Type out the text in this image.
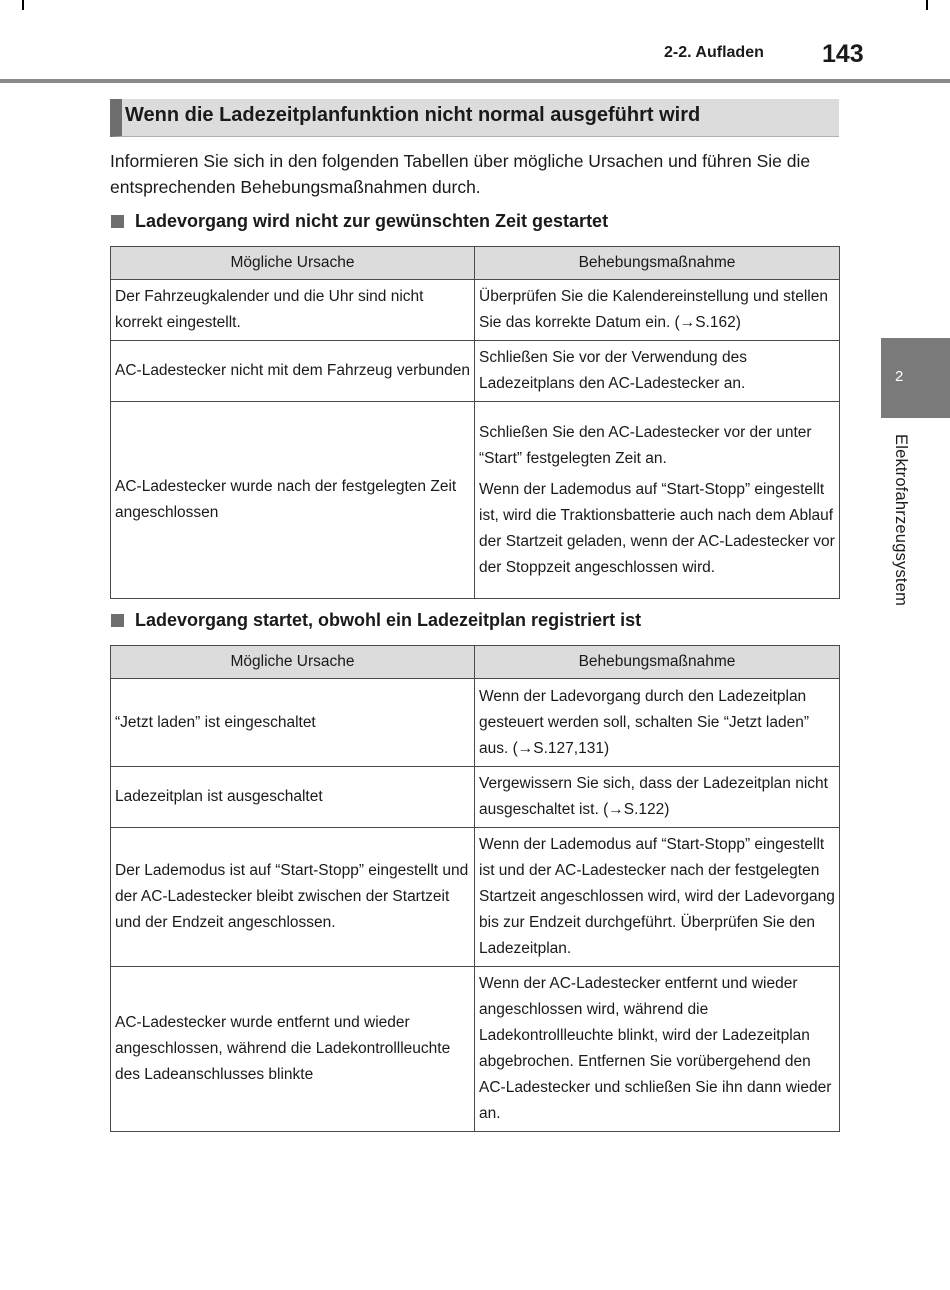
2-2. Aufladen 143
2
Elektrofahrzeugsystem
Wenn die Ladezeitplanfunktion nicht normal ausgeführt wird

Informieren Sie sich in den folgenden Tabellen über mögliche Ursachen und führen Sie die entsprechenden Behebungsmaßnahmen durch.

Ladevorgang wird nicht zur gewünschten Zeit gestartet
Mögliche Ursache	Behebungsmaßnahme
Der Fahrzeugkalender und die Uhr sind nicht korrekt eingestellt.	Überprüfen Sie die Kalendereinstellung und stellen Sie das korrekte Datum ein. (→S.162)
AC-Ladestecker nicht mit dem Fahrzeug verbunden	Schließen Sie vor der Verwendung des Ladezeitplans den AC-Ladestecker an.
AC-Ladestecker wurde nach der festgelegten Zeit angeschlossen	Schließen Sie den AC-Ladestecker vor der unter “Start” festgelegten Zeit an.

Wenn der Lademodus auf “Start-Stopp” eingestellt ist, wird die Traktionsbatterie auch nach dem Ablauf der Startzeit geladen, wenn der AC-Ladestecker vor der Stoppzeit angeschlossen wird.

Ladevorgang startet, obwohl ein Ladezeitplan registriert ist
Mögliche Ursache	Behebungsmaßnahme
“Jetzt laden” ist eingeschaltet	Wenn der Ladevorgang durch den Ladezeitplan gesteuert werden soll, schalten Sie “Jetzt laden” aus. (→S.127,131)
Ladezeitplan ist ausgeschaltet	Vergewissern Sie sich, dass der Ladezeitplan nicht ausgeschaltet ist. (→S.122)
Der Lademodus ist auf “Start-Stopp” eingestellt und der AC-Ladestecker bleibt zwischen der Startzeit und der Endzeit angeschlossen.	Wenn der Lademodus auf “Start-Stopp” eingestellt ist und der AC-Ladestecker nach der festgelegten Startzeit angeschlossen wird, wird der Ladevorgang bis zur Endzeit durchgeführt. Überprüfen Sie den Ladezeitplan.
AC-Ladestecker wurde entfernt und wieder angeschlossen, während die Ladekontrollleuchte des Ladeanschlusses blinkte	Wenn der AC-Ladestecker entfernt und wieder angeschlossen wird, während die Ladekontrollleuchte blinkt, wird der Ladezeitplan abgebrochen. Entfernen Sie vorübergehend den AC-Ladestecker und schließen Sie ihn dann wieder an.
